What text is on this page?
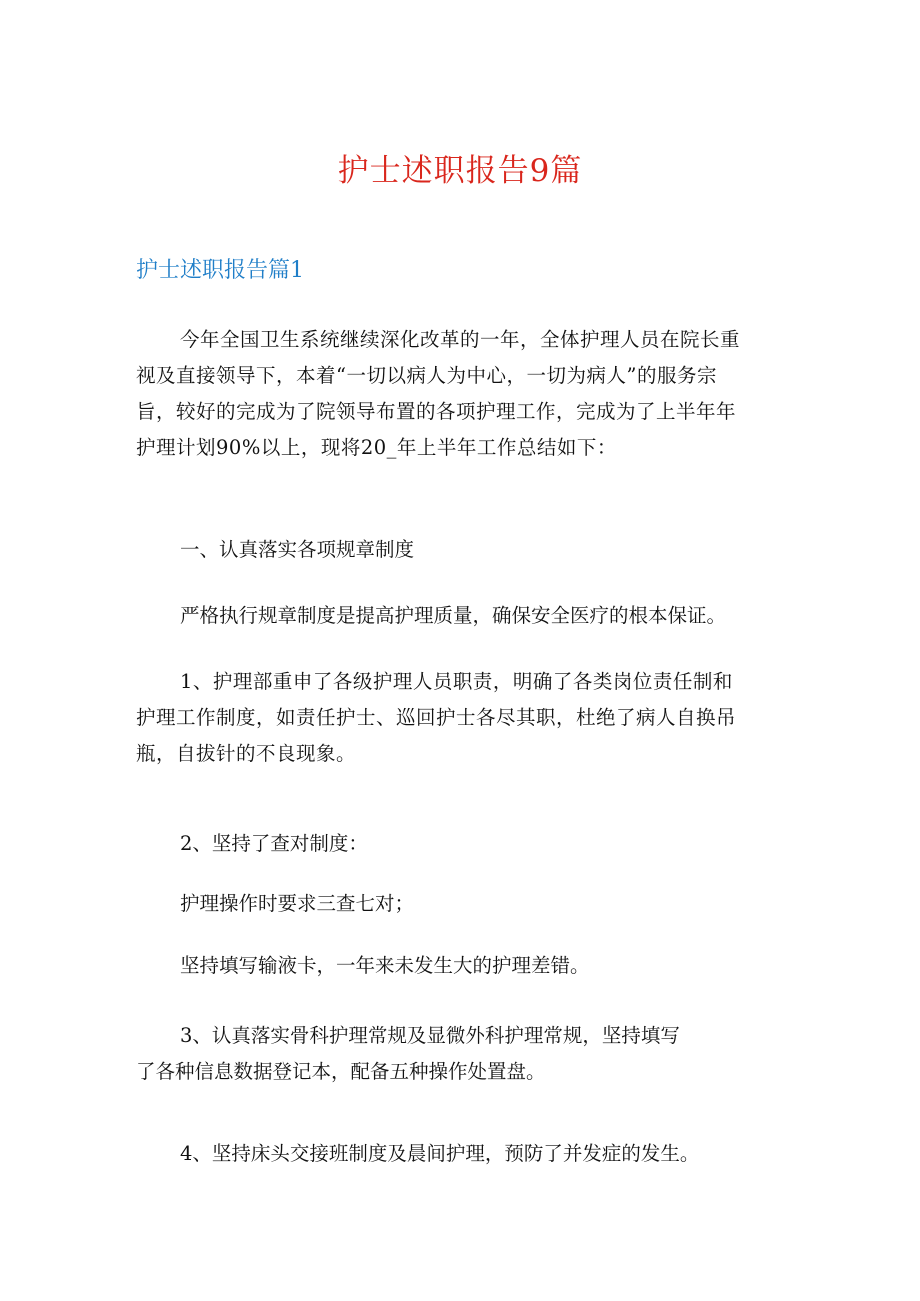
护士述职报告9篇
护士述职报告篇1

今年全国卫生系统继续深化改革的一年，全体护理人员在院长重
视及直接领导下，本着“一切以病人为中心，一切为病人”的服务宗
旨，较好的完成为了院领导布置的各项护理工作，完成为了上半年年
护理计划90%以上，现将20_年上半年工作总结如下：

一、认真落实各项规章制度

严格执行规章制度是提高护理质量，确保安全医疗的根本保证。

1、护理部重申了各级护理人员职责，明确了各类岗位责任制和
护理工作制度，如责任护士、巡回护士各尽其职，杜绝了病人自换吊
瓶，自拔针的不良现象。

2、坚持了查对制度：

护理操作时要求三查七对；

坚持填写输液卡，一年来未发生大的护理差错。

3、认真落实骨科护理常规及显微外科护理常规，坚持填写
了各种信息数据登记本，配备五种操作处置盘。

4、坚持床头交接班制度及晨间护理，预防了并发症的发生。
